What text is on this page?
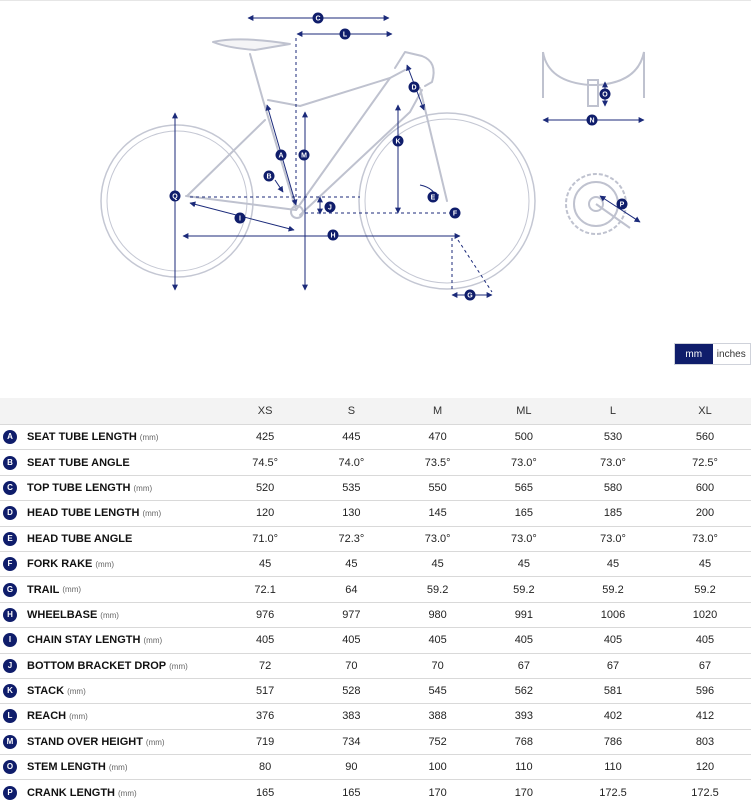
A
B
C
D
E
F
G
H
I
J
K
L
M
N
O
P
Q
mm	inches
	XS	S	M	ML	L	XL
A SEAT TUBE LENGTH (mm)	425	445	470	500	530	560
B SEAT TUBE ANGLE	74.5°	74.0°	73.5°	73.0°	73.0°	72.5°
C TOP TUBE LENGTH (mm)	520	535	550	565	580	600
D HEAD TUBE LENGTH (mm)	120	130	145	165	185	200
E HEAD TUBE ANGLE	71.0°	72.3°	73.0°	73.0°	73.0°	73.0°
F FORK RAKE (mm)	45	45	45	45	45	45
G TRAIL (mm)	72.1	64	59.2	59.2	59.2	59.2
H WHEELBASE (mm)	976	977	980	991	1006	1020
I CHAIN STAY LENGTH (mm)	405	405	405	405	405	405
J BOTTOM BRACKET DROP (mm)	72	70	70	67	67	67
K STACK (mm)	517	528	545	562	581	596
L REACH (mm)	376	383	388	393	402	412
M STAND OVER HEIGHT (mm)	719	734	752	768	786	803
O STEM LENGTH (mm)	80	90	100	110	110	120
P CRANK LENGTH (mm)	165	165	170	170	172.5	172.5
